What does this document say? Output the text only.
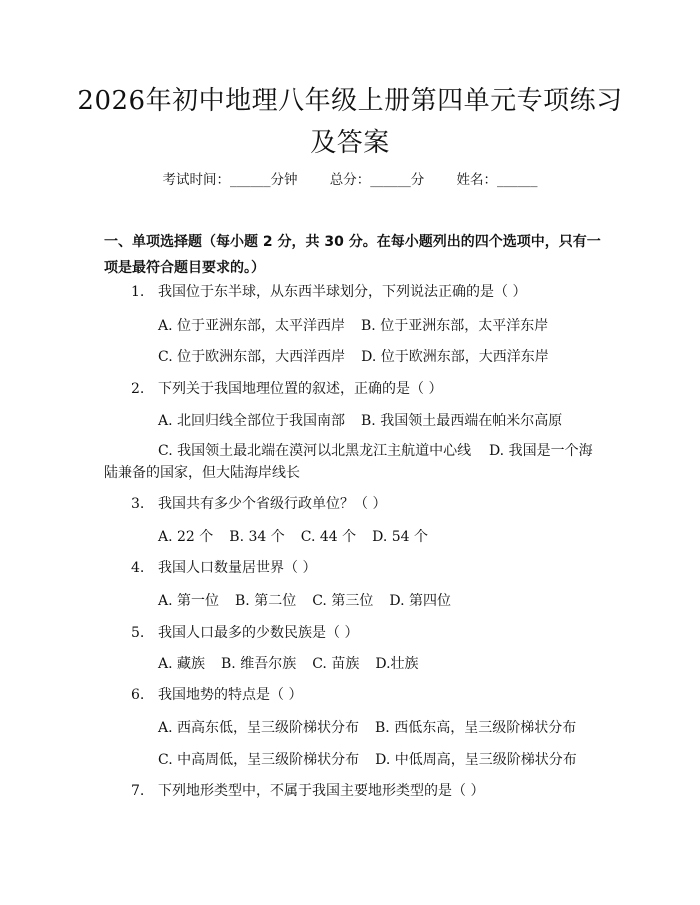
2026年初中地理八年级上册第四单元专项练习及答案
考试时间：______分钟 总分：______分 姓名：______
一、单项选择题（每小题 2 分，共 30 分。在每小题列出的四个选项中，只有一项是最符合题目要求的。）
1. 我国位于东半球，从东西半球划分，下列说法正确的是（ ）
A. 位于亚洲东部，太平洋西岸 B. 位于亚洲东部，太平洋东岸
C. 位于欧洲东部，大西洋西岸 D. 位于欧洲东部，大西洋东岸
2. 下列关于我国地理位置的叙述，正确的是（ ）
A. 北回归线全部位于我国南部 B. 我国领土最西端在帕米尔高原
C. 我国领土最北端在漠河以北黑龙江主航道中心线 D. 我国是一个海陆兼备的国家，但大陆海岸线长
3. 我国共有多少个省级行政单位？（ ）
A. 22 个 B. 34 个 C. 44 个 D. 54 个
4. 我国人口数量居世界（ ）
A. 第一位 B. 第二位 C. 第三位 D. 第四位
5. 我国人口最多的少数民族是（ ）
A. 藏族 B. 维吾尔族 C. 苗族 D.壮族
6. 我国地势的特点是（ ）
A. 西高东低，呈三级阶梯状分布 B. 西低东高，呈三级阶梯状分布
C. 中高周低，呈三级阶梯状分布 D. 中低周高，呈三级阶梯状分布
7. 下列地形类型中，不属于我国主要地形类型的是（ ）
